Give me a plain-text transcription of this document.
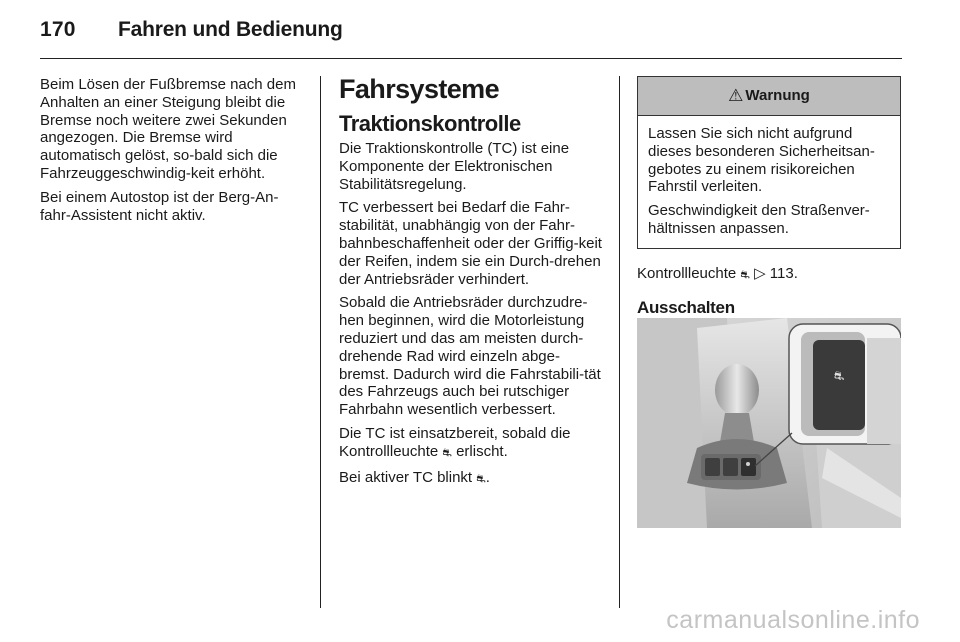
170 Fahren und Bedienung

Beim Lösen der Fußbremse nach dem Anhalten an einer Steigung bleibt die Bremse noch weitere zwei Sekunden angezogen. Die Bremse wird automatisch gelöst, so-bald sich die Fahrzeuggeschwindig-keit erhöht.

Bei einem Autostop ist der Berg-An-fahr-Assistent nicht aktiv.

Fahrsysteme
Traktionskontrolle

Die Traktionskontrolle (TC) ist eine Komponente der Elektronischen Stabilitätsregelung.

TC verbessert bei Bedarf die Fahr-stabilität, unabhängig von der Fahr-bahnbeschaffenheit oder der Griffig-keit der Reifen, indem sie ein Durch-drehen der Antriebsräder verhindert.

Sobald die Antriebsräder durchzudre-hen beginnen, wird die Motorleistung reduziert und das am meisten durch-drehende Rad wird einzeln abge-bremst. Dadurch wird die Fahrstabili-tät des Fahrzeugs auch bei rutschiger Fahrbahn wesentlich verbessert.

Die TC ist einsatzbereit, sobald die Kontrollleuchte ⛐ erlischt.

Bei aktiver TC blinkt ⛐.

⚠ Warnung

Lassen Sie sich nicht aufgrund dieses besonderen Sicherheitsan-gebotes zu einem risikoreichen Fahrstil verleiten.

Geschwindigkeit den Straßenver-hältnissen anpassen.

Kontrollleuchte ⛐ ▷ 113.

Ausschalten
⛐
carmanualsonline.info
